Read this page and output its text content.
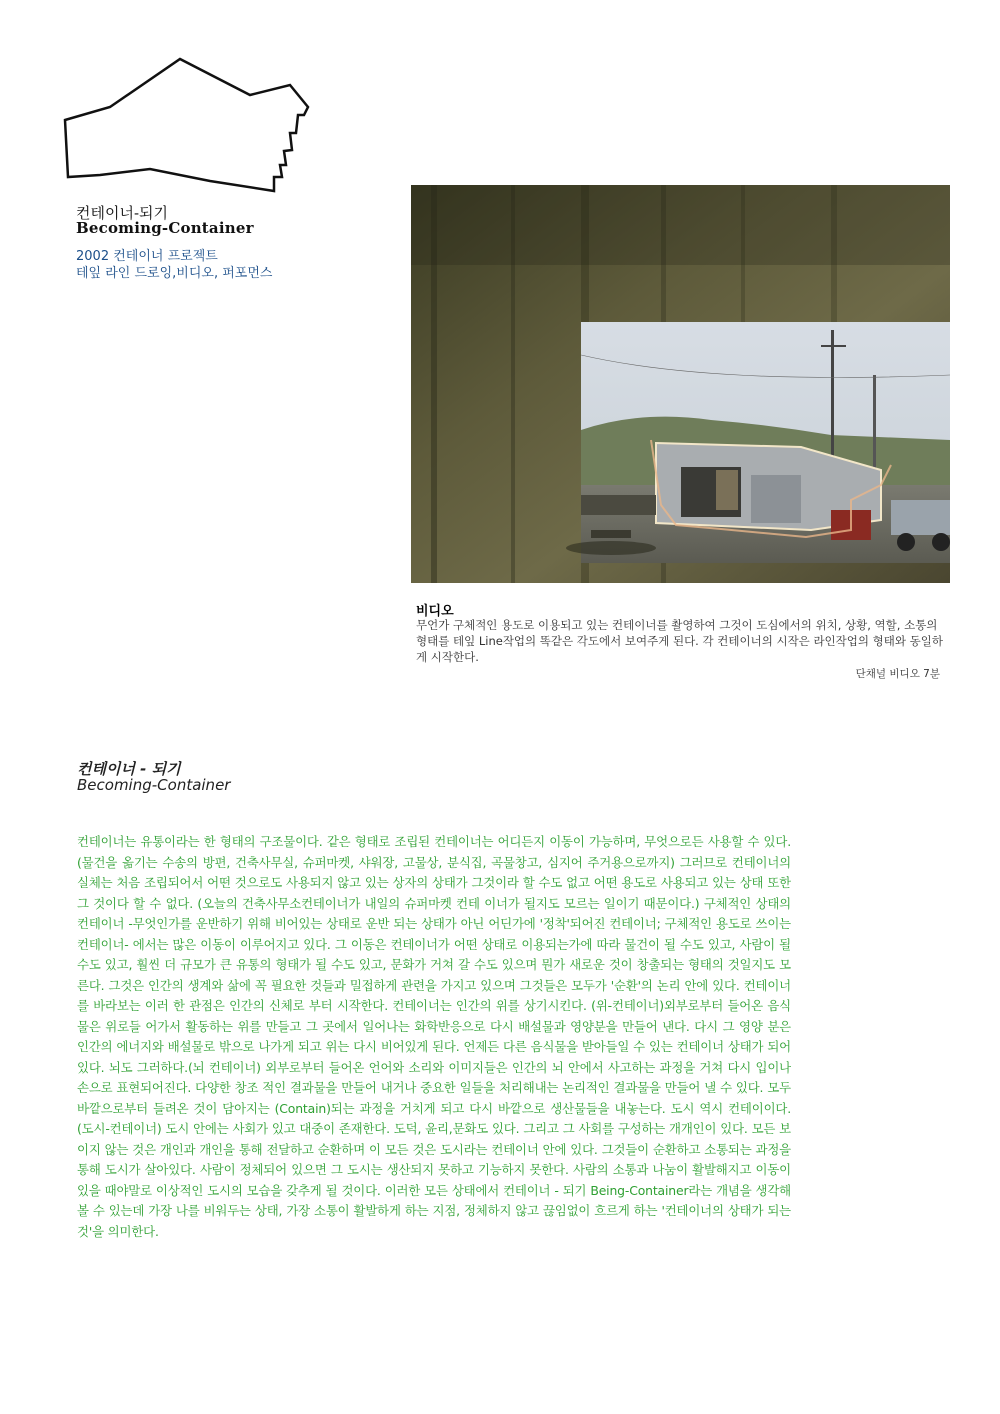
컨테이너-되기
Becoming-Container
2002 컨테이너 프로젝트
테잎 라인 드로잉,비디오, 퍼포먼스
비디오
무언가 구체적인 용도로 이용되고 있는 컨테이너를 촬영하여 그것이 도심에서의 위치, 상황, 역할, 소통의 형태를 테잎 Line작업의 똑같은 각도에서 보여주게 된다. 각 컨테이너의 시작은 라인작업의 형태와 동일하게 시작한다.
단채널 비디오 7분
컨테이너 - 되기
Becoming-Container
컨테이너는 유통이라는 한 형태의 구조물이다. 같은 형태로 조립된 컨테이너는 어디든지 이동이 가능하며, 무엇으로든 사용할 수 있다. (물건을 옮기는 수송의 방편, 건축사무실, 슈퍼마켓, 샤워장, 고물상, 분식집, 곡물창고, 심지어 주거용으로까지) 그러므로 컨테이너의 실체는 처음 조립되어서 어떤 것으로도 사용되지 않고 있는 상자의 상태가 그것이라 할 수도 없고 어떤 용도로 사용되고 있는 상태 또한 그 것이다 할 수 없다. (오늘의 건축사무소컨테이너가 내일의 슈퍼마켓 컨테 이너가 될지도 모르는 일이기 때문이다.) 구체적인 상태의 컨테이너 -무엇인가를 운반하기 위해 비어있는 상태로 운반 되는 상태가 아닌 어딘가에 '정착'되어진 컨테이너; 구체적인 용도로 쓰이는 컨테이너- 에서는 많은 이동이 이루어지고 있다. 그 이동은 컨테이너가 어떤 상태로 이용되는가에 따라 물건이 될 수도 있고, 사람이 될 수도 있고, 훨씬 더 규모가 큰 유통의 형태가 될 수도 있고, 문화가 거쳐 갈 수도 있으며 뭔가 새로운 것이 창출되는 형태의 것일지도 모른다. 그것은 인간의 생계와 삶에 꼭 필요한 것들과 밀접하게 관련을 가지고 있으며 그것들은 모두가 '순환'의 논리 안에 있다. 컨테이너를 바라보는 이러 한 관점은 인간의 신체로 부터 시작한다. 컨테이너는 인간의 위를 상기시킨다. (위-컨테이너)외부로부터 들어온 음식물은 위로들 어가서 활동하는 위를 만들고 그 곳에서 일어나는 화학반응으로 다시 배설물과 영양분을 만들어 낸다. 다시 그 영양 분은 인간의 에너지와 배설물로 밖으로 나가게 되고 위는 다시 비어있게 된다. 언제든 다른 음식물을 받아들일 수 있는 컨테이너 상태가 되어 있다. 뇌도 그러하다.(뇌 컨테이너) 외부로부터 들어온 언어와 소리와 이미지들은 인간의 뇌 안에서 사고하는 과정을 거쳐 다시 입이나 손으로 표현되어진다. 다양한 창조 적인 결과물을 만들어 내거나 중요한 일들을 처리해내는 논리적인 결과물을 만들어 낼 수 있다. 모두 바깥으로부터 들려온 것이 담아지는 (Contain)되는 과정을 거치게 되고 다시 바깥으로 생산물들을 내놓는다. 도시 역시 컨테이이다. (도시-컨테이너) 도시 안에는 사회가 있고 대중이 존재한다. 도덕, 윤리,문화도 있다. 그리고 그 사회를 구성하는 개개인이 있다. 모든 보이지 않는 것은 개인과 개인을 통해 전달하고 순환하며 이 모든 것은 도시라는 컨테이너 안에 있다. 그것들이 순환하고 소통되는 과정을 통해 도시가 살아있다. 사람이 정체되어 있으면 그 도시는 생산되지 못하고 기능하지 못한다. 사람의 소통과 나눔이 활발해지고 이동이 있을 때야말로 이상적인 도시의 모습을 갖추게 될 것이다. 이러한 모든 상태에서 컨테이너 - 되기 Being-Container라는 개념을 생각해 볼 수 있는데 가장 나를 비워두는 상태, 가장 소통이 활발하게 하는 지점, 정체하지 않고 끊임없이 흐르게 하는 '컨테이너의 상태가 되는 것'을 의미한다.
